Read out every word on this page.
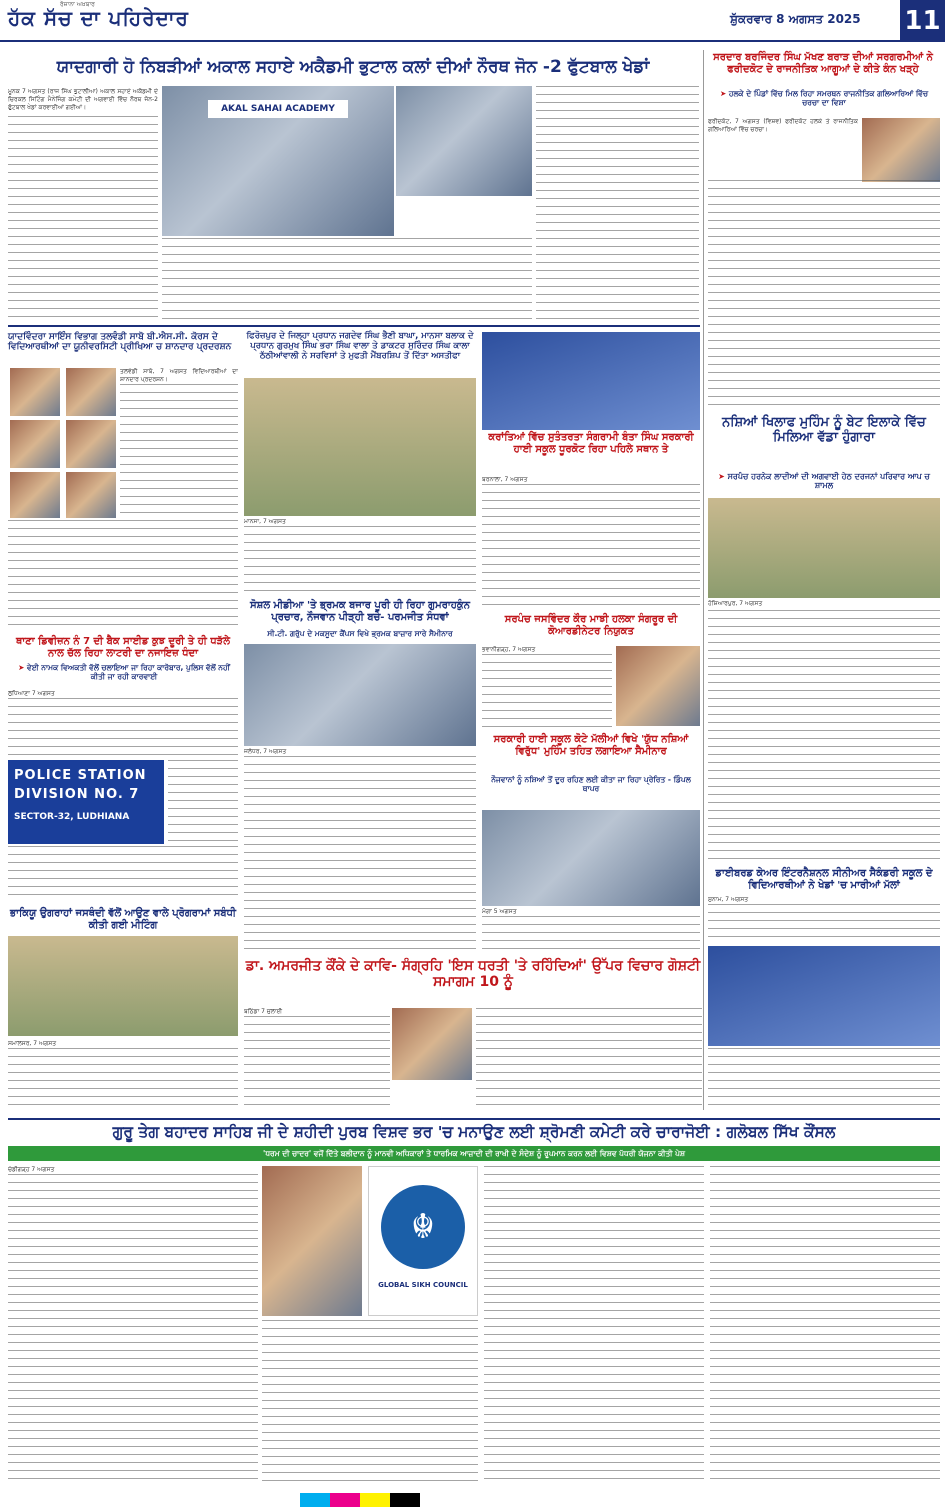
ਰੋਜ਼ਾਨਾ ਅਖ਼ਬਾਰ
ਹੱਕ ਸੱਚ ਦਾ ਪਹਿਰੇਦਾਰ	ਸ਼ੁੱਕਰਵਾਰ 8 ਅਗਸਤ 2025 11
ਯਾਦਗਾਰੀ ਹੋ ਨਿਬੜੀਆਂ ਅਕਾਲ ਸਹਾਏ ਅਕੈਡਮੀ ਭੁਟਾਲ ਕਲਾਂ ਦੀਆਂ ਨੌਰਥ ਜੋਨ -2 ਫੁੱਟਬਾਲ ਖੇਡਾਂ
ਮੂਨਕ 7 ਅਗਸਤ (ਰਾਜ ਸਿੰਘ ਭੁਟਾਲੀਆ) ਅਕਾਲ ਸਹਾਏ ਅਕੈਡਮੀ ਦੇ ਚਿਰਕਲ ਸਿਟਿੰਗ ਮੈਨੇਜਿੰਗ ਕਮੇਟੀ ਦੀ ਅਗਵਾਈ ਵਿੱਚ ਨੌਰਥ ਜੋਨ-2 ਫੁੱਟਬਾਲ ਖੇਡਾਂ ਕਰਵਾਈਆਂ ਗਈਆਂ।	AKAL SAHAI ACADEMY
ਸਰਦਾਰ ਬਰਜਿੰਦਰ ਸਿੰਘ ਮੱਖਣ ਬਰਾੜ ਦੀਆਂ ਸਰਗਰਮੀਆਂ ਨੇ ਫਰੀਦਕੋਟ ਦੇ ਰਾਜਨੀਤਿਕ ਆਗੂਆਂ ਦੇ ਕੀਤੇ ਕੰਨ ਖੜ੍ਹੇ
➤ ਹਲਕੇ ਦੇ ਪਿੰਡਾਂ ਵਿੱਚ ਮਿਲ ਰਿਹਾ ਸਮਰਥਨ ਰਾਜਨੀਤਿਕ ਗਲਿਆਰਿਆਂ ਵਿੱਚ ਚਰਚਾ ਦਾ ਵਿਸ਼ਾ
ਫਰੀਦਕੋਟ, 7 ਅਗਸਤ (ਵਿਸ਼ਵ) ਫਰੀਦਕੋਟ ਹਲਕੇ ਤੇ ਰਾਜਨੀਤਿਕ ਗਲਿਆਰਿਆਂ ਵਿੱਚ ਚਰਚਾ।
ਨਸ਼ਿਆਂ ਖਿਲਾਫ ਮੁਹਿੰਮ ਨੂੰ ਬੇਟ ਇਲਾਕੇ ਵਿੱਚ ਮਿਲਿਆ ਵੱਡਾ ਹੁੰਗਾਰਾ
➤ ਸਰਪੰਚ ਹਰਨੇਕ ਲਾਦੀਆਂ ਦੀ ਅਗਵਾਈ ਹੇਠ ਦਰਜਨਾਂ ਪਰਿਵਾਰ ਆਪ ਚ ਸ਼ਾਮਲ
ਹੋਸ਼ਿਆਰਪੁਰ, 7 ਅਗਸਤ
ਡਾਈਬਰਡ ਕੇਅਰ ਇੰਟਰਨੈਸ਼ਨਲ ਸੀਨੀਅਰ ਸੈਕੰਡਰੀ ਸਕੂਲ ਦੇ ਵਿਦਿਆਰਥੀਆਂ ਨੇ ਖੇਡਾਂ 'ਚ ਮਾਰੀਆਂ ਮੱਲਾਂ
ਸੁਨਾਮ, 7 ਅਗਸਤ
ਯਾਦਵਿੰਦਰਾ ਸਾਇੰਸ ਵਿਭਾਗ ਤਲਵੰਡੀ ਸਾਬੋ ਬੀ.ਐਸ.ਸੀ. ਕੋਰਸ ਦੇ ਵਿਦਿਆਰਥੀਆਂ ਦਾ ਯੂਨੀਵਰਸਿਟੀ ਪ੍ਰੀਖਿਆ ਚ ਸ਼ਾਨਦਾਰ ਪ੍ਰਦਰਸ਼ਨ
ਤਲਵੰਡੀ ਸਾਬੋ, 7 ਅਗਸਤ ਵਿਦਿਆਰਥੀਆਂ ਦਾ ਸ਼ਾਨਦਾਰ ਪ੍ਰਦਰਸ਼ਨ।
ਥਾਣਾ ਡਿਵੀਜ਼ਨ ਨੰ 7 ਦੀ ਬੈਕ ਸਾਈਡ ਕੁਝ ਦੂਰੀ ਤੇ ਹੀ ਧੜੱਲੇ ਨਾਲ ਚੱਲ ਰਿਹਾ ਲਾਟਰੀ ਦਾ ਨਜਾਇਜ਼ ਧੰਦਾ
➤ ਵੇਈ ਨਾਮਕ ਵਿਅਕਤੀ ਵੱਲੋਂ ਚਲਾਇਆ ਜਾ ਰਿਹਾ ਕਾਰੋਬਾਰ, ਪੁਲਿਸ ਵੱਲੋਂ ਨਹੀਂ ਕੀਤੀ ਜਾ ਰਹੀ ਕਾਰਵਾਈ
ਲੁਧਿਆਣਾ 7 ਅਗਸਤ
POLICE STATION
DIVISION NO. 7
SECTOR-32, LUDHIANA
ਭਾਕਿਯੂ ਉਗਰਾਹਾਂ ਜਸਥੰਦੀ ਵੱਲੋਂ ਆਉਣ ਵਾਲੇ ਪ੍ਰੋਗਰਾਮਾਂ ਸਬੰਧੀ ਕੀਤੀ ਗਈ ਮੀਟਿੰਗ
ਸਮਾਲਸਰ, 7 ਅਗਸਤ
ਫਿਰੋਜ਼ਪੁਰ ਦੇ ਜਿਲ੍ਹਾ ਪ੍ਰਧਾਨ ਜਗਦੇਵ ਸਿੰਘ ਭੈਣੀ ਬਾਘਾ, ਮਾਨਸਾ ਬਲਾਕ ਦੇ ਪ੍ਰਧਾਨ ਗੁਰਮੁਖ ਸਿੰਘ ਭਰਾ ਸਿੰਘ ਵਾਲਾ ਤੇ ਡਾਕਟਰ ਸੁਰਿੰਦਰ ਸਿੰਘ ਕਾਲਾ ਠੱਠੀਆਂਵਾਲੀ ਨੇ ਸਰਵਿਸਾਂ ਤੇ ਮੁਫਤੀ ਮੈਂਬਰਸ਼ਿਪ ਤੋਂ ਦਿੱਤਾ ਅਸਤੀਫਾ
ਮਾਨਸਾ, 7 ਅਗਸਤ
ਸੋਸ਼ਲ ਮੀਡੀਆ 'ਤੇ ਭ੍ਰਮਕ ਬਜਾਰ ਪੂਰੀ ਹੀ ਰਿਹਾ ਗੁਮਰਾਹਕੁੰਨ ਪ੍ਰਚਾਰ, ਨੌਜਵਾਨ ਪੀੜ੍ਹੀ ਬਚੇ- ਪਰਮਜੀਤ ਸੰਧਵਾਂ
ਸੀ.ਟੀ. ਗਰੁੱਪ ਦੇ ਮਕਸੂਦਾ ਕੈਂਪਸ ਵਿਖੇ ਭ੍ਰਮਕ ਬਾਜ਼ਾਰ ਸਾਰੇ ਸੈਮੀਨਾਰ
ਜਲੰਧਰ, 7 ਅਗਸਤ
ਡਾ. ਅਮਰਜੀਤ ਕੌਂਕੇ ਦੇ ਕਾਵਿ- ਸੰਗ੍ਰਹਿ 'ਇਸ ਧਰਤੀ 'ਤੇ ਰਹਿੰਦਿਆਂ' ਉੱਪਰ ਵਿਚਾਰ ਗੋਸ਼ਟੀ ਸਮਾਗਮ 10 ਨੂੰ
ਬਠਿੰਡਾ 7 ਜੁਲਾਈ
ਕਰਾਂਤਿਆਂ ਵਿੱਚ ਸੁਤੰਤਰਤਾ ਸੰਗਰਾਮੀ ਬੰਤਾ ਸਿੰਘ ਸਰਕਾਰੀ ਹਾਈ ਸਕੂਲ ਧੂਰਕੋਟ ਰਿਹਾ ਪਹਿਲੇ ਸਥਾਨ ਤੇ
ਬਰਨਾਲਾ, 7 ਅਗਸਤ
ਸਰਪੰਚ ਜਸਵਿੰਦਰ ਕੌਰ ਮਾਝੀ ਹਲਕਾ ਸੰਗਰੂਰ ਦੀ ਕੋਆਰਡੀਨੇਟਰ ਨਿਯੁਕਤ
ਭਵਾਨੀਗੜ੍ਹ, 7 ਅਗਸਤ
ਸਰਕਾਰੀ ਹਾਈ ਸਕੂਲ ਕੋਟੇ ਮੱਲੀਆਂ ਵਿਖੇ 'ਯੁੱਧ ਨਸ਼ਿਆਂ ਵਿਰੁੱਧ' ਮੁਹਿੰਮ ਤਹਿਤ ਲਗਾਇਆ ਸੈਮੀਨਾਰ
ਨੌਜਵਾਨਾਂ ਨੂੰ ਨਸ਼ਿਆਂ ਤੋਂ ਦੂਰ ਰਹਿਣ ਲਈ ਕੀਤਾ ਜਾ ਰਿਹਾ ਪ੍ਰੇਰਿਤ - ਡਿੰਪਲ ਥਾਪਰ
ਮੋਗਾ 5 ਅਗਸਤ
ਗੁਰੂ ਤੇਗ ਬਹਾਦਰ ਸਾਹਿਬ ਜੀ ਦੇ ਸ਼ਹੀਦੀ ਪੁਰਬ ਵਿਸ਼ਵ ਭਰ 'ਚ ਮਨਾਉਣ ਲਈ ਸ਼੍ਰੋਮਣੀ ਕਮੇਟੀ ਕਰੇ ਚਾਰਾਜੋਈ : ਗਲੋਬਲ ਸਿੱਖ ਕੌਂਸਲ
'ਧਰਮ ਦੀ ਚਾਦਰ' ਵਜੋਂ ਦਿੱਤੇ ਬਲੀਦਾਨ ਨੂੰ ਮਾਨਵੀ ਅਧਿਕਾਰਾਂ ਤੇ ਧਾਰਮਿਕ ਆਜ਼ਾਦੀ ਦੀ ਰਾਖੀ ਦੇ ਸੰਦੇਸ਼ ਨੂੰ ਰੂਪਮਾਨ ਕਰਨ ਲਈ ਵਿਸ਼ਵ ਪੱਧਰੀ ਯੋਜਨਾ ਕੀਤੀ ਪੇਸ਼
ਚੰਡੀਗੜ੍ਹ 7 ਅਗਸਤ
☬
GLOBAL SIKH COUNCIL
